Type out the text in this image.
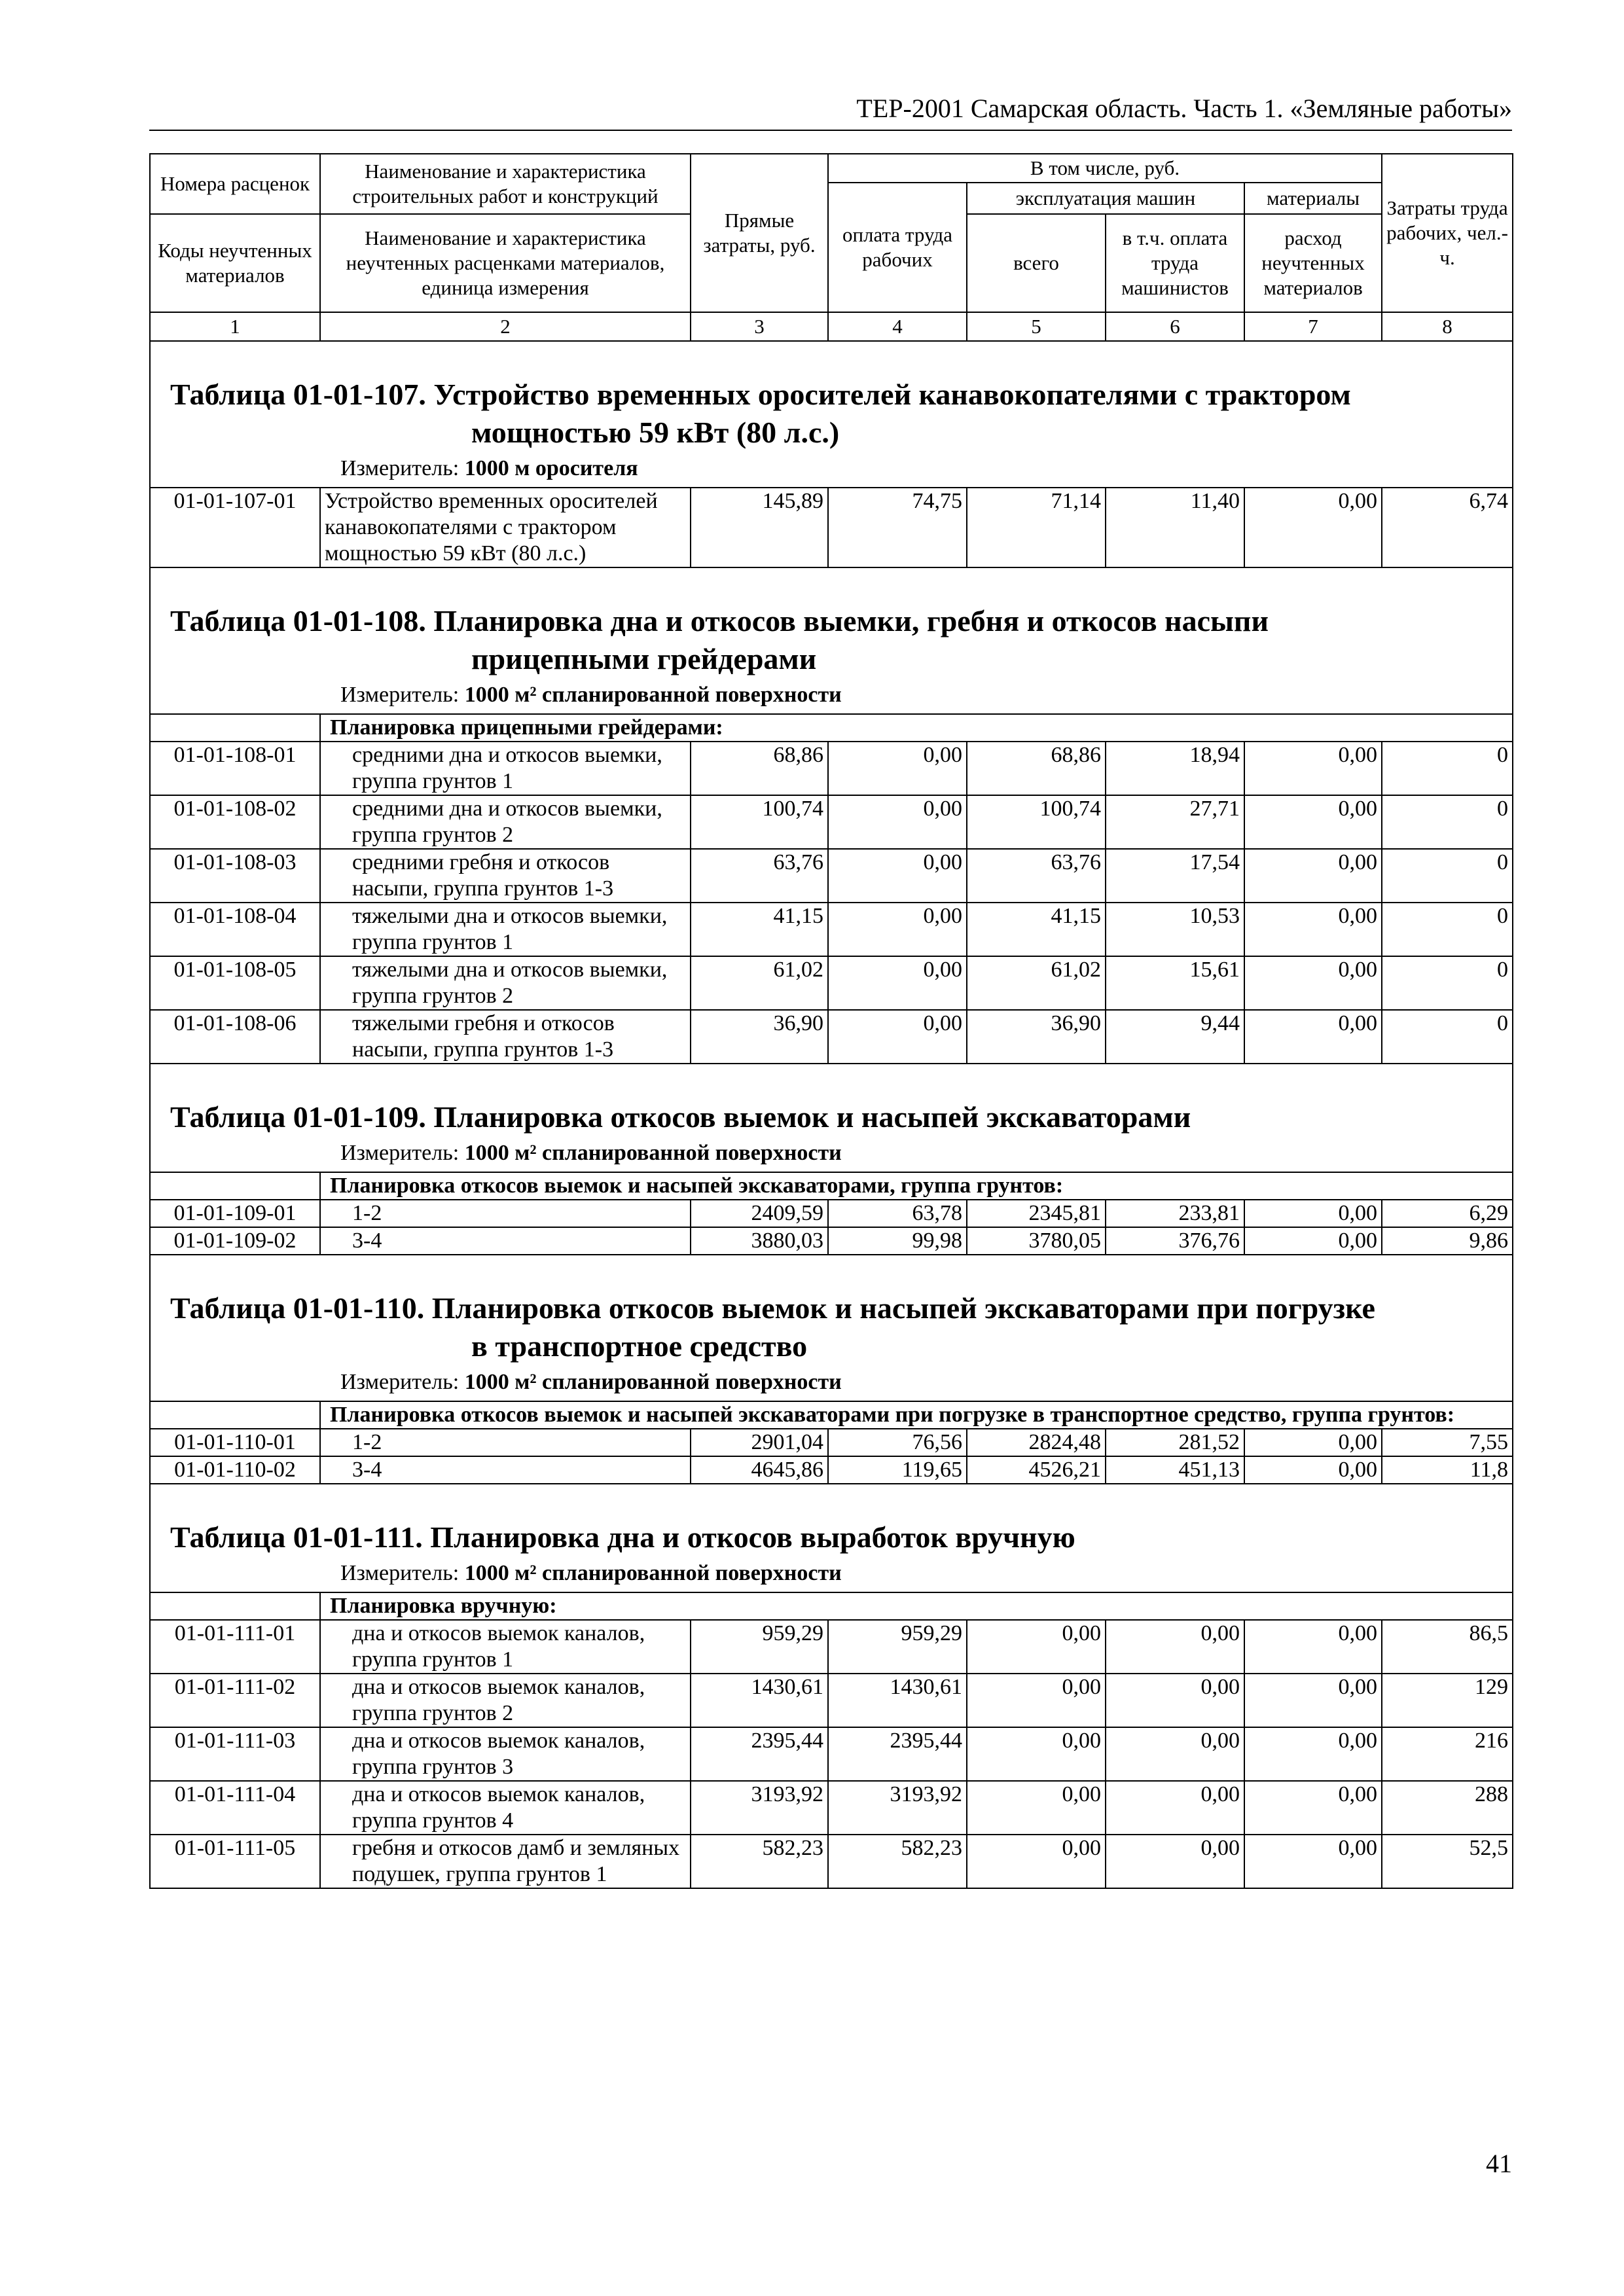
ТЕР-2001 Самарская область. Часть 1. «Земляные работы»
Номера расценок	Наименование и характеристика строительных работ и конструкций	Прямые затраты, руб.	В том числе, руб.				Затраты труда рабочих, чел.-ч.
			оплата труда рабочих	эксплуатация машин		материалы	
Коды неучтенных материалов	Наименование и характеристика неучтенных расценками материалов, единица измерения			всего	в т.ч. оплата труда машинистов	расход неучтенных материалов	
1	2	3	4	5	6	7	8

Таблица 01-01-107. Устройство временных оросителей канавокопателями с трактором
мощностью 59 кВт (80 л.с.)
Измеритель: 1000 м оросителя							

01-01-107-01	Устройство временных оросителей канавокопателями с трактором мощностью 59 кВт (80 л.с.)	145,89	74,75	71,14	11,40	0,00	6,74

Таблица 01-01-108. Планировка дна и откосов выемки, гребня и откосов насыпи
прицепными грейдерами
Измеритель: 1000 м² спланированной поверхности							

	Планировка прицепными грейдерами:						
01-01-108-01	средними дна и откосов выемки, группа грунтов 1	68,86	0,00	68,86	18,94	0,00	0
01-01-108-02	средними дна и откосов выемки, группа грунтов 2	100,74	0,00	100,74	27,71	0,00	0
01-01-108-03	средними гребня и откосов насыпи, группа грунтов 1-3	63,76	0,00	63,76	17,54	0,00	0
01-01-108-04	тяжелыми дна и откосов выемки, группа грунтов 1	41,15	0,00	41,15	10,53	0,00	0
01-01-108-05	тяжелыми дна и откосов выемки, группа грунтов 2	61,02	0,00	61,02	15,61	0,00	0
01-01-108-06	тяжелыми гребня и откосов насыпи, группа грунтов 1-3	36,90	0,00	36,90	9,44	0,00	0

Таблица 01-01-109. Планировка откосов выемок и насыпей экскаваторами
Измеритель: 1000 м² спланированной поверхности							

	Планировка откосов выемок и насыпей экскаваторами, группа грунтов:						
01-01-109-01	1-2	2409,59	63,78	2345,81	233,81	0,00	6,29
01-01-109-02	3-4	3880,03	99,98	3780,05	376,76	0,00	9,86

Таблица 01-01-110. Планировка откосов выемок и насыпей экскаваторами при погрузке
в транспортное средство
Измеритель: 1000 м² спланированной поверхности							

	Планировка откосов выемок и насыпей экскаваторами при погрузке в транспортное средство, группа грунтов:						
01-01-110-01	1-2	2901,04	76,56	2824,48	281,52	0,00	7,55
01-01-110-02	3-4	4645,86	119,65	4526,21	451,13	0,00	11,8

Таблица 01-01-111. Планировка дна и откосов выработок вручную
Измеритель: 1000 м² спланированной поверхности							

	Планировка вручную:						
01-01-111-01	дна и откосов выемок каналов, группа грунтов 1	959,29	959,29	0,00	0,00	0,00	86,5
01-01-111-02	дна и откосов выемок каналов, группа грунтов 2	1430,61	1430,61	0,00	0,00	0,00	129
01-01-111-03	дна и откосов выемок каналов, группа грунтов 3	2395,44	2395,44	0,00	0,00	0,00	216
01-01-111-04	дна и откосов выемок каналов, группа грунтов 4	3193,92	3193,92	0,00	0,00	0,00	288
01-01-111-05	гребня и откосов дамб и земляных подушек, группа грунтов 1	582,23	582,23	0,00	0,00	0,00	52,5
41
